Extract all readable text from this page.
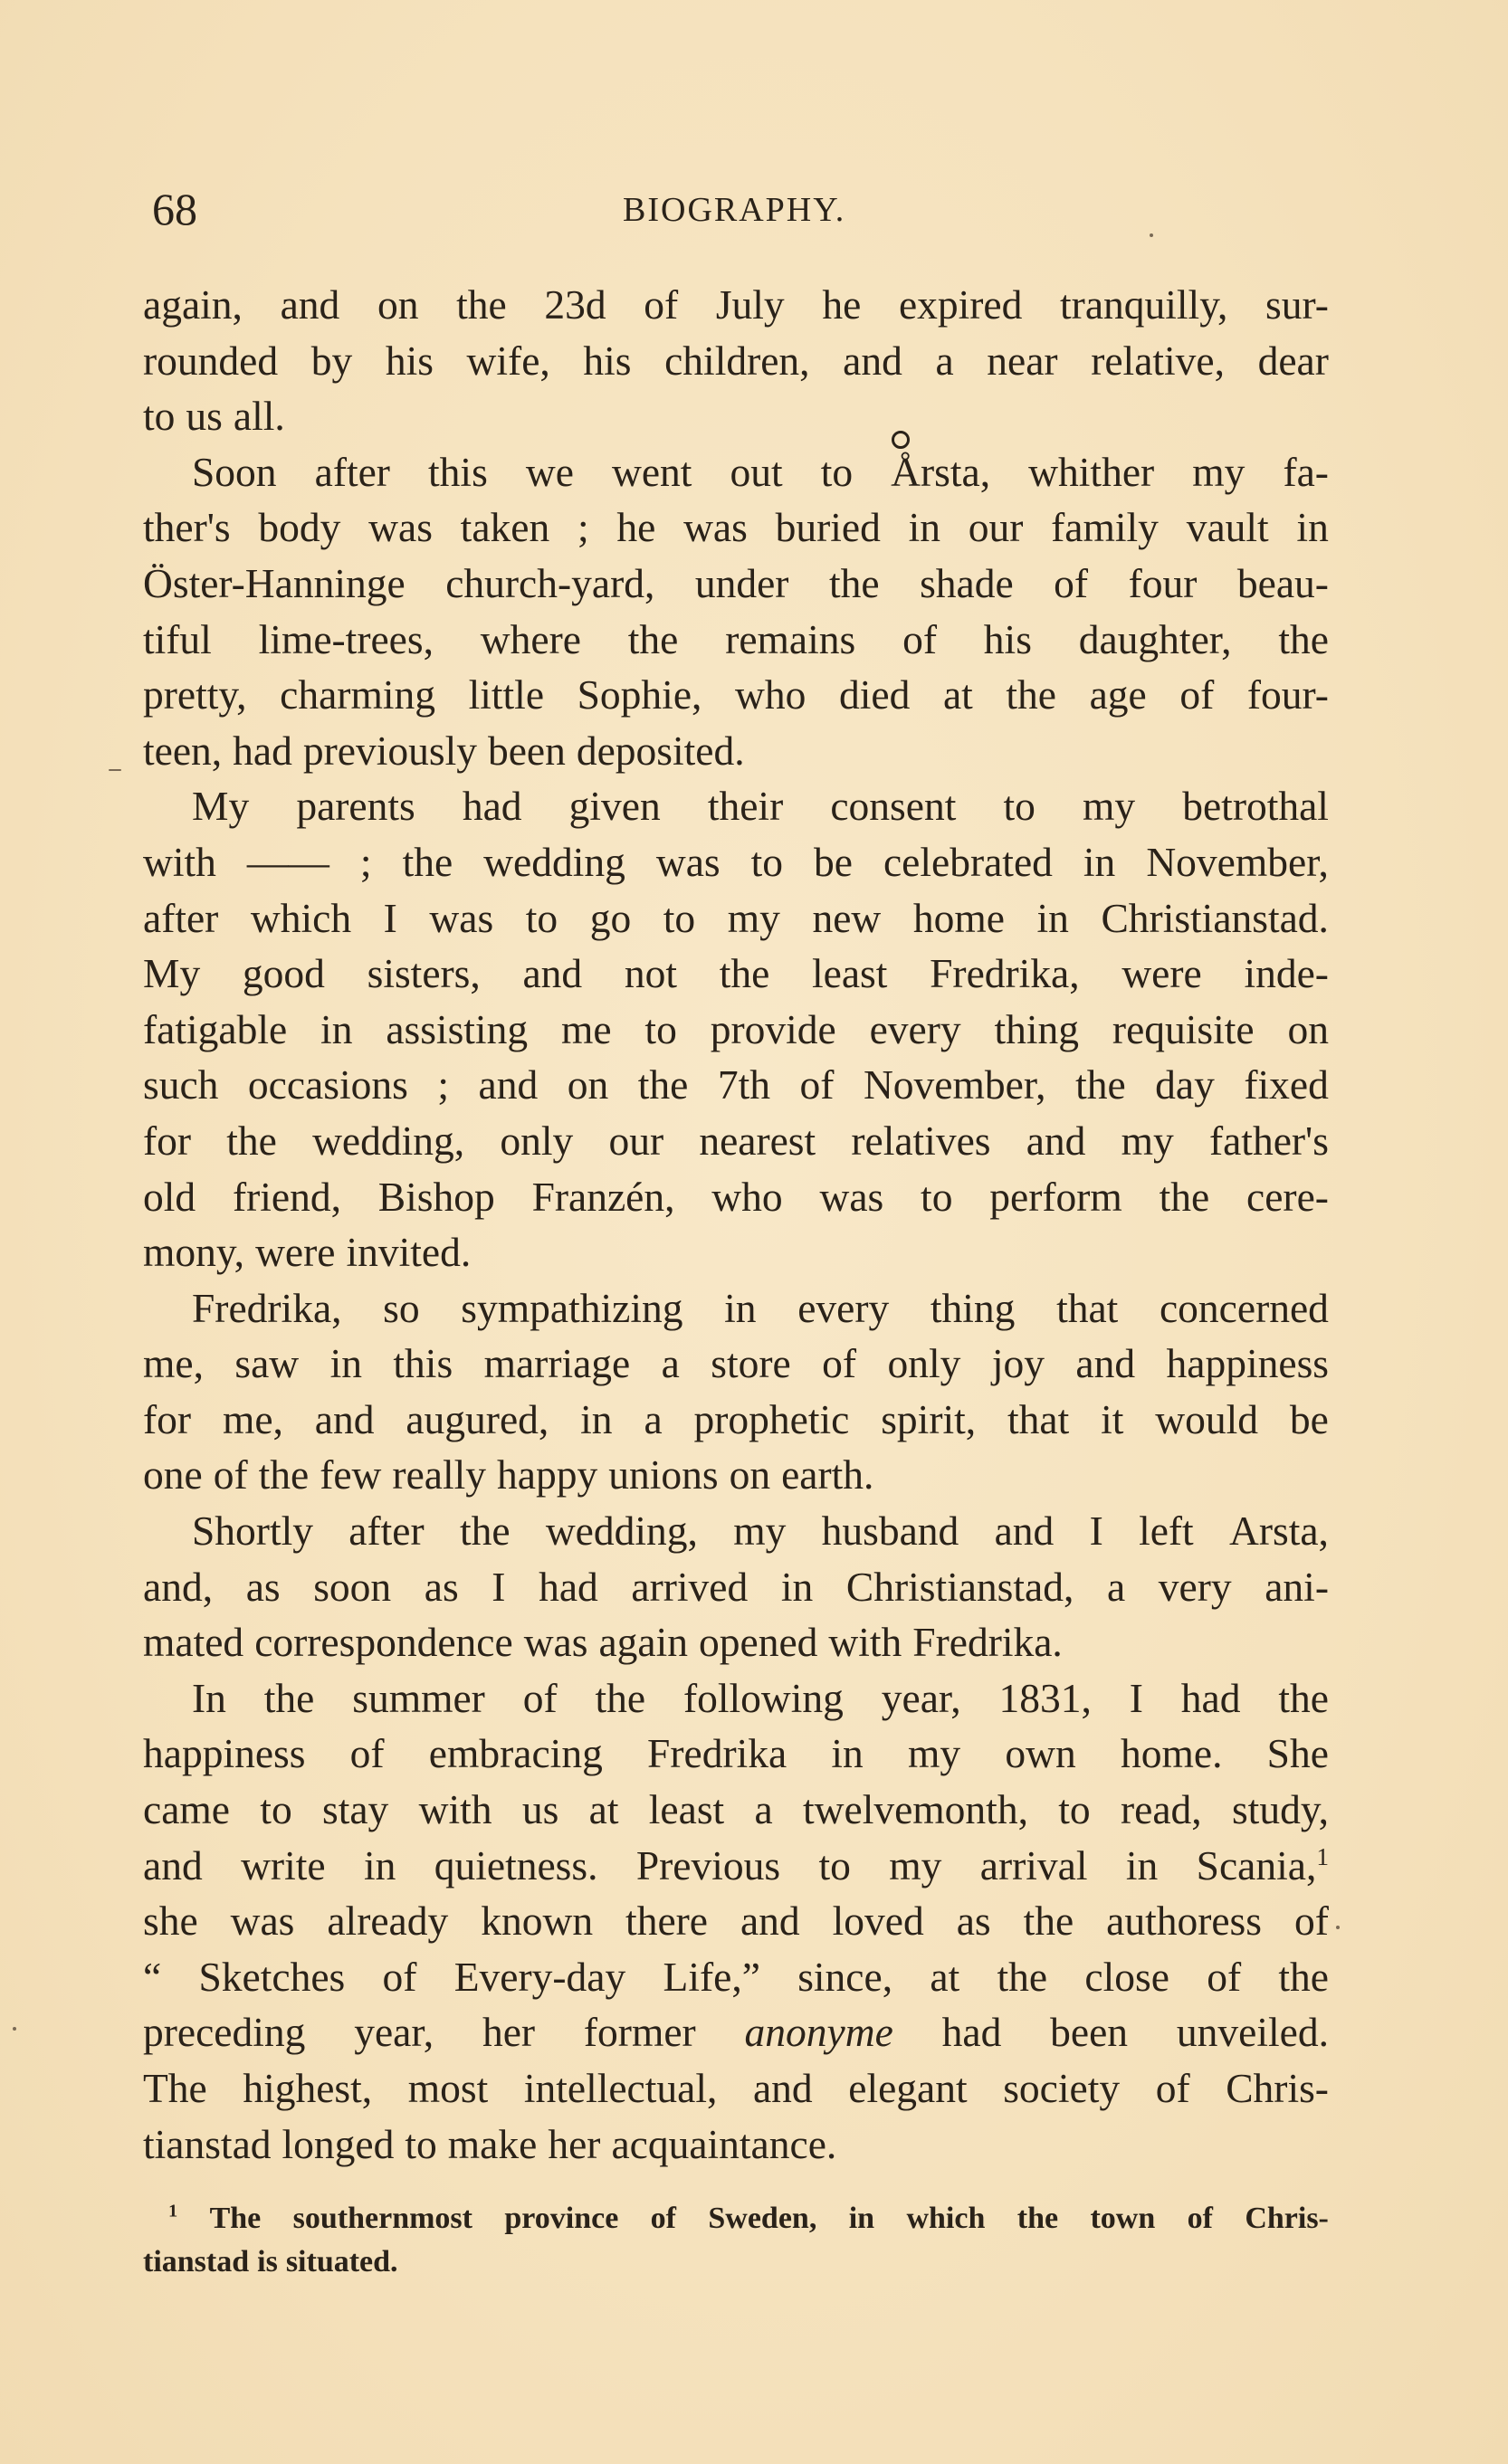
68	BIOGRAPHY.
again, and on the 23d of July he expired tranquilly, sur-
rounded by his wife, his children, and a near relative, dear
to us all.
Soon after this we went out to Årsta, whither my fa-
ther's body was taken ; he was buried in our family vault in
Öster-Hanninge church-yard, under the shade of four beau-
tiful lime-trees, where the remains of his daughter, the
pretty, charming little Sophie, who died at the age of four-
teen, had previously been deposited.
My parents had given their consent to my betrothal
with —— ; the wedding was to be celebrated in November,
after which I was to go to my new home in Christianstad.
My good sisters, and not the least Fredrika, were inde-
fatigable in assisting me to provide every thing requisite on
such occasions ; and on the 7th of November, the day fixed
for the wedding, only our nearest relatives and my father's
old friend, Bishop Franzén, who was to perform the cere-
mony, were invited.
Fredrika, so sympathizing in every thing that concerned
me, saw in this marriage a store of only joy and happiness
for me, and augured, in a prophetic spirit, that it would be
one of the few really happy unions on earth.
Shortly after the wedding, my husband and I left Arsta,
and, as soon as I had arrived in Christianstad, a very ani-
mated correspondence was again opened with Fredrika.
In the summer of the following year, 1831, I had the
happiness of embracing Fredrika in my own home. She
came to stay with us at least a twelvemonth, to read, study,
and write in quietness. Previous to my arrival in Scania,$^1$
she was already known there and loved as the authoress of
“ Sketches of Every-day Life,” since, at the close of the
preceding year, her former anonyme had been unveiled.
The highest, most intellectual, and elegant society of Chris-
tianstad longed to make her acquaintance.
$^1$ The southernmost province of Sweden, in which the town of Chris-
tianstad is situated.
